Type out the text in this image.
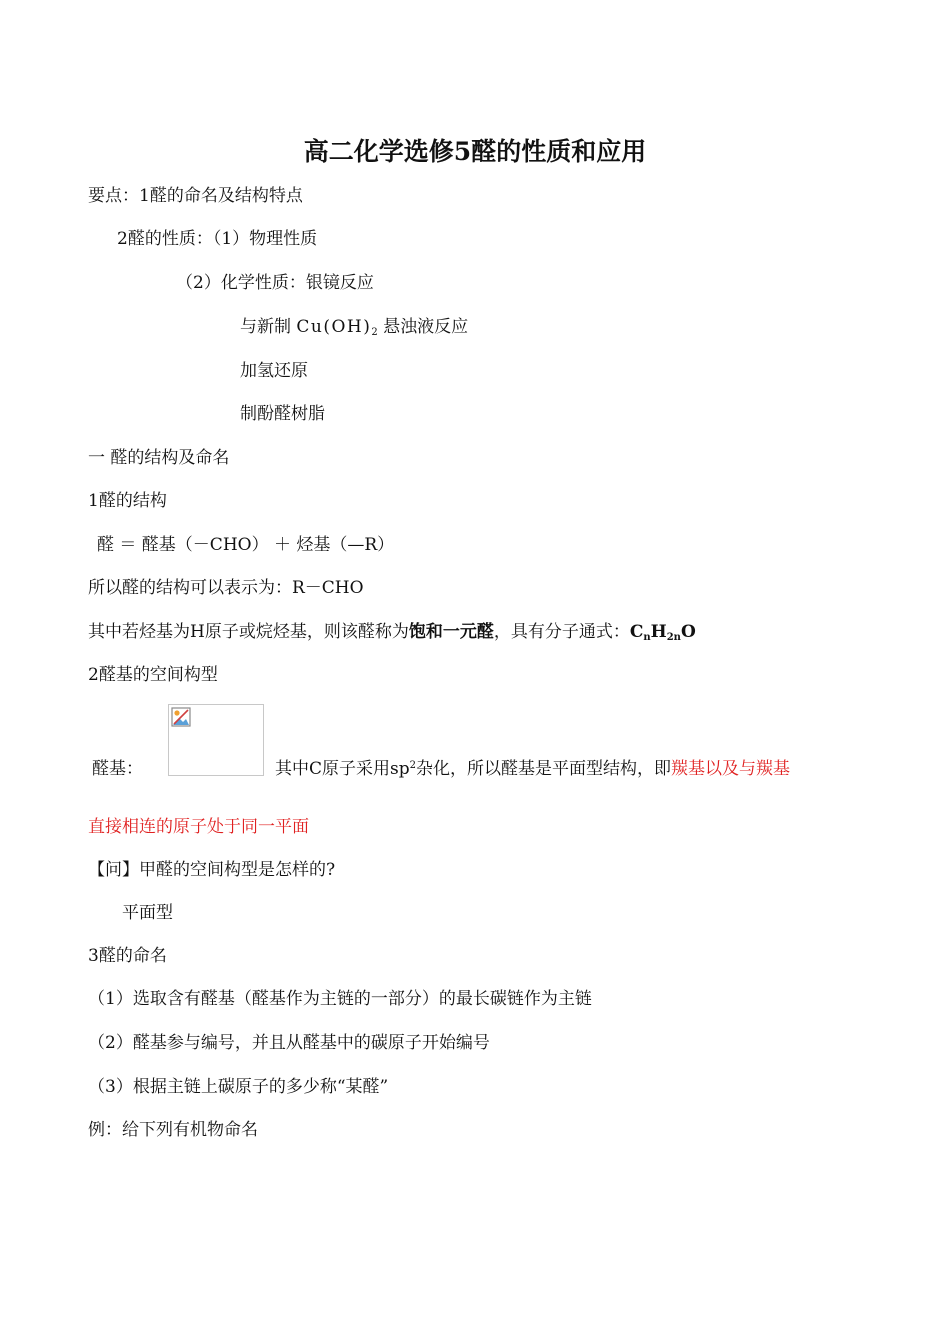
高二化学选修5醛的性质和应用
要点：1醛的命名及结构特点
2醛的性质：（1）物理性质
（2）化学性质：银镜反应
与新制 $Cu(OH)_2$ 悬浊液反应
加氢还原
制酚醛树脂
一 醛的结构及命名
1醛的结构
醛 ＝ 醛基（－CHO） ＋ 烃基（—R）
所以醛的结构可以表示为：R－CHO
其中若烃基为H原子或烷烃基，则该醛称为饱和一元醛，具有分子通式：$C_nH_{2n}O$
2醛基的空间构型
醛基：	其中C原子采用$sp^2$杂化，所以醛基是平面型结构，即羰基以及与羰基
直接相连的原子处于同一平面
【问】甲醛的空间构型是怎样的?
平面型
3醛的命名
（1）选取含有醛基（醛基作为主链的一部分）的最长碳链作为主链
（2）醛基参与编号，并且从醛基中的碳原子开始编号
（3）根据主链上碳原子的多少称“某醛”
例：给下列有机物命名
